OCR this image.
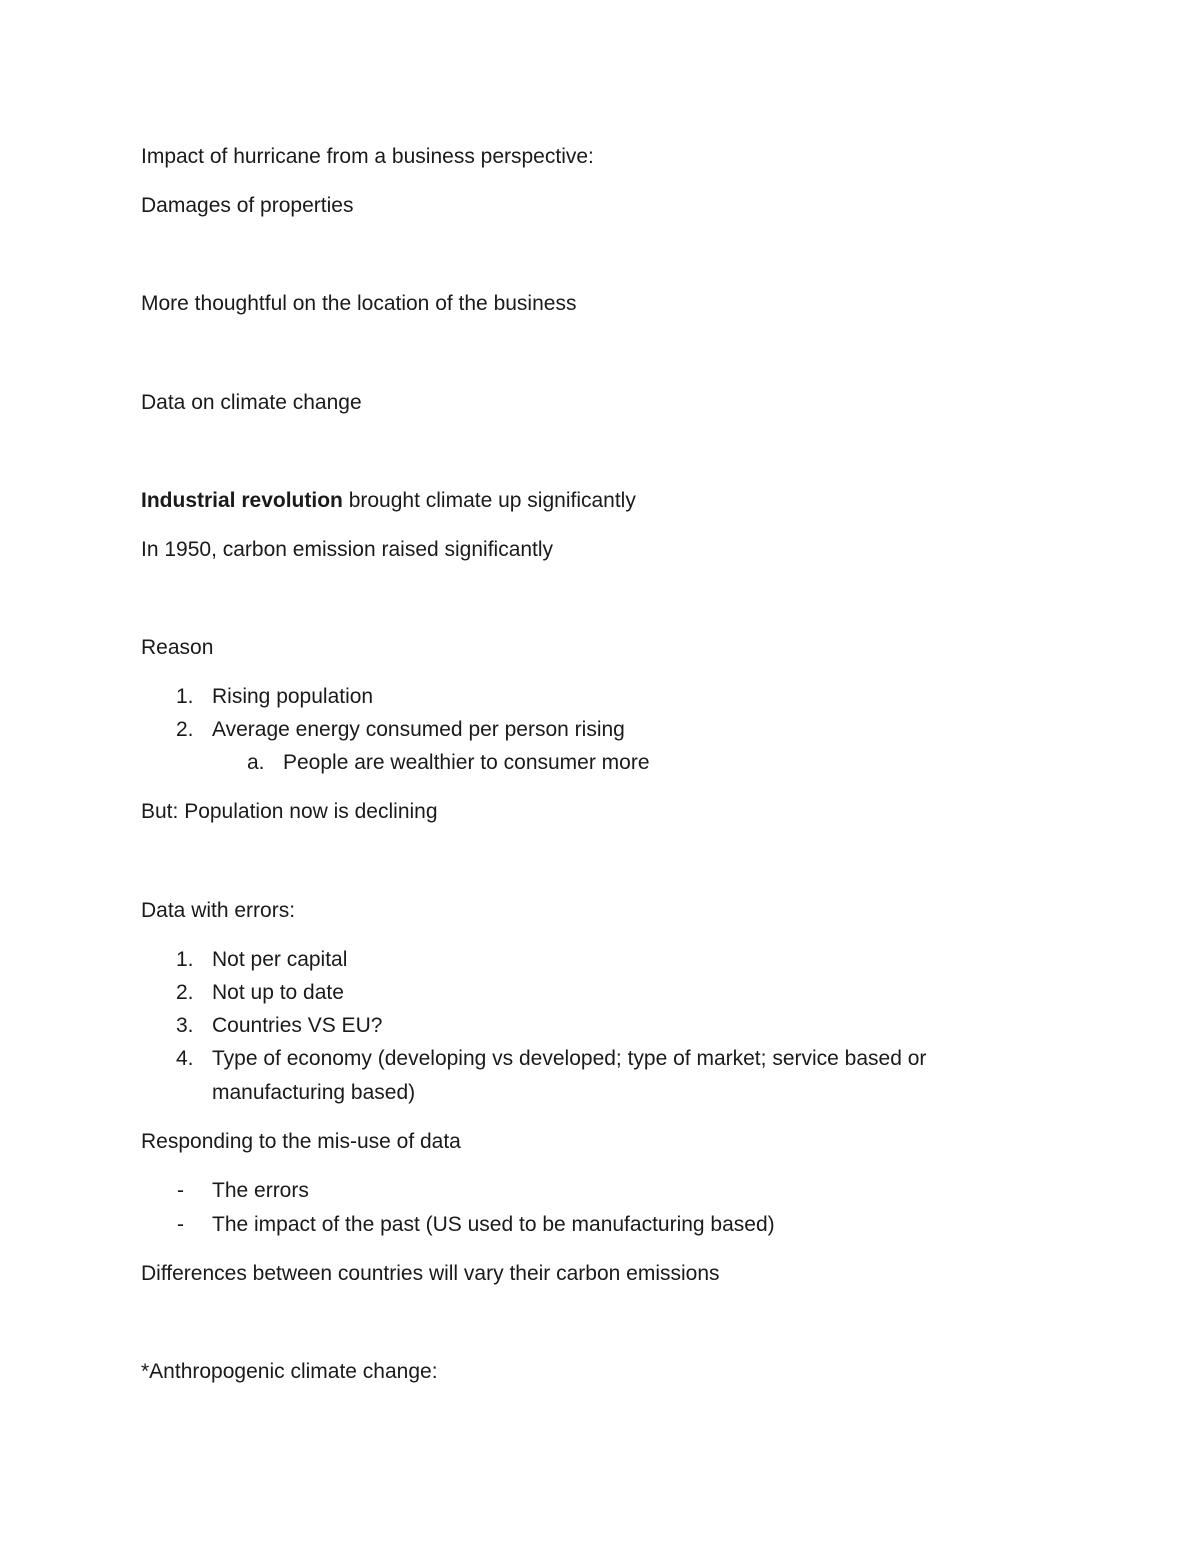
Impact of hurricane from a business perspective:
Damages of properties
More thoughtful on the location of the business
Data on climate change
Industrial revolution brought climate up significantly
In 1950, carbon emission raised significantly
Reason
1. Rising population
2. Average energy consumed per person rising
a. People are wealthier to consumer more
But: Population now is declining
Data with errors:
1. Not per capital
2. Not up to date
3. Countries VS EU?
4. Type of economy (developing vs developed; type of market; service based or
manufacturing based)
Responding to the mis-use of data
- The errors
- The impact of the past (US used to be manufacturing based)
Differences between countries will vary their carbon emissions
*Anthropogenic climate change:
